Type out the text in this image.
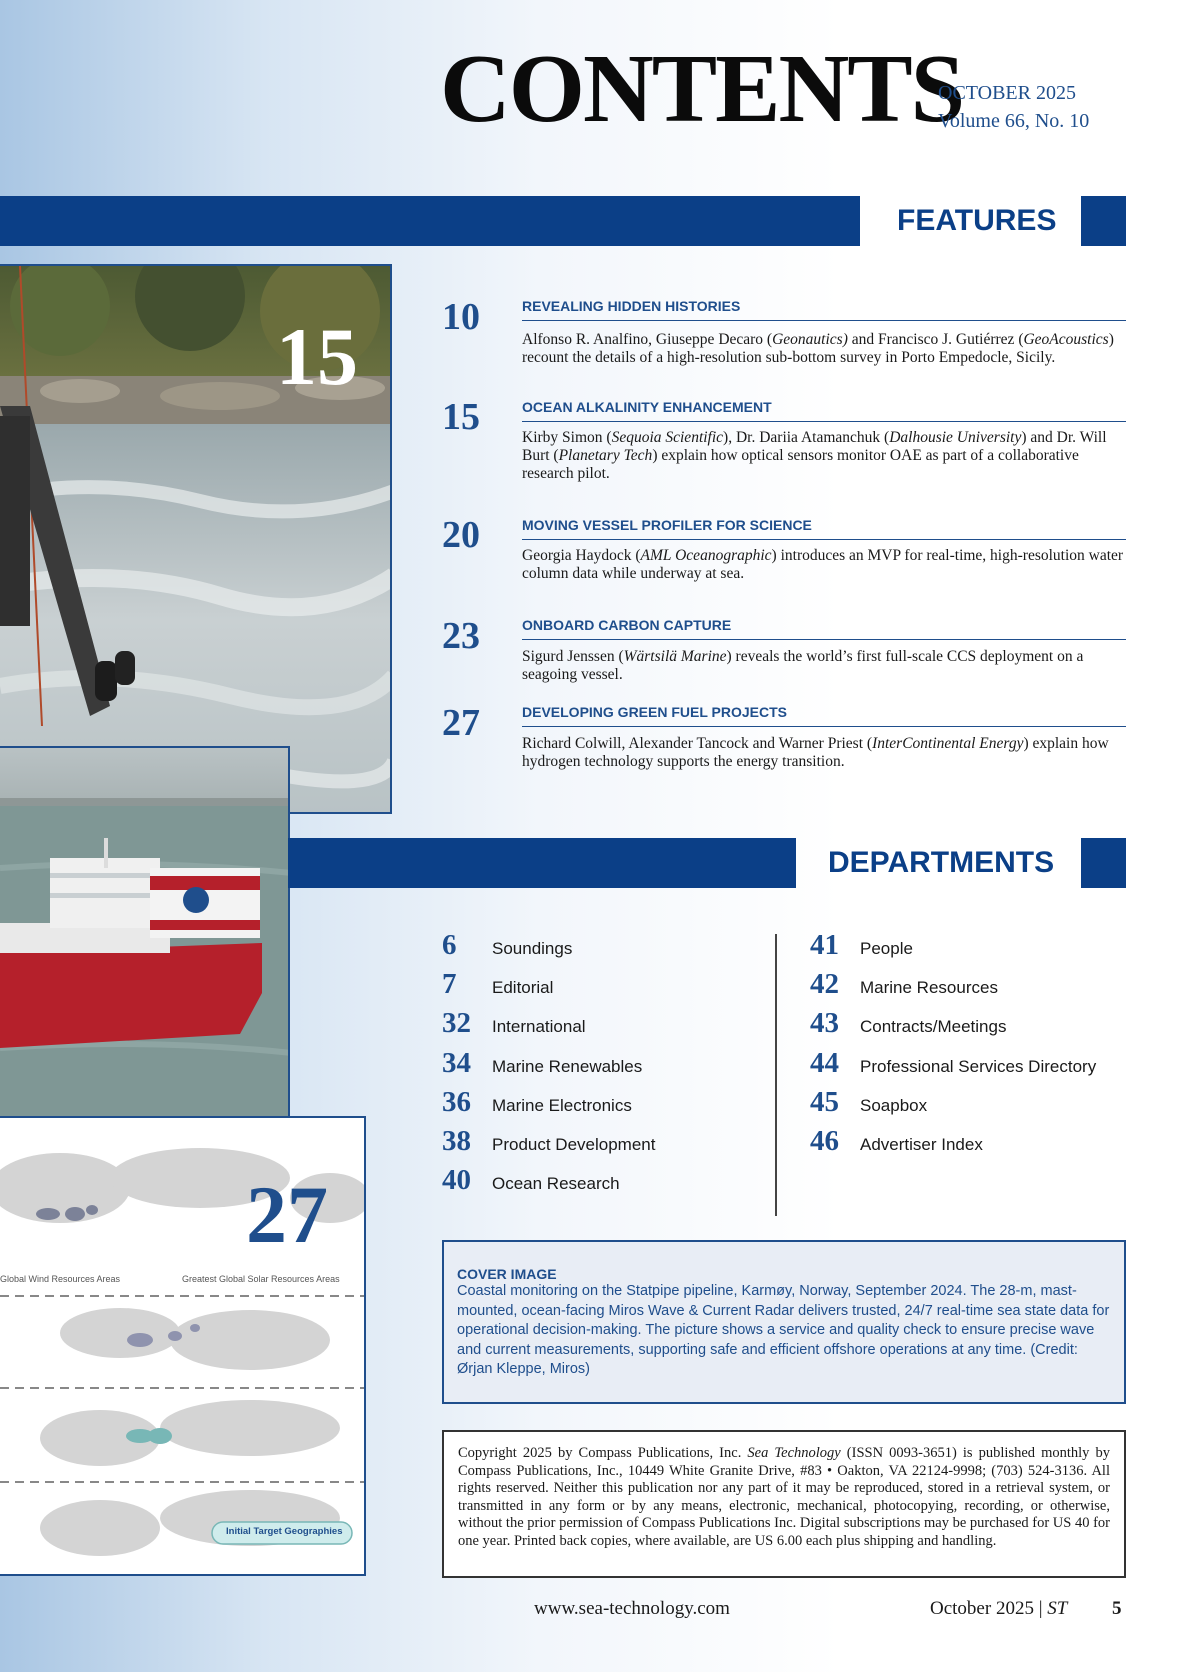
CONTENTS
OCTOBER 2025
Volume 66, No. 10
FEATURES
15
Global Wind Resources Areas	Greatest Global Solar Resources Areas
Initial Target Geographies
27
10	REVEALING HIDDEN HISTORIES
Alfonso R. Analfino, Giuseppe Decaro (Geonautics) and Francisco J. Gutiérrez (GeoAcoustics) recount the details of a high-resolution sub-bottom survey in Porto Empedocle, Sicily.
15	OCEAN ALKALINITY ENHANCEMENT
Kirby Simon (Sequoia Scientific), Dr. Dariia Atamanchuk (Dalhousie University) and Dr. Will Burt (Planetary Tech) explain how optical sensors monitor OAE as part of a collaborative research pilot.
20	MOVING VESSEL PROFILER FOR SCIENCE
Georgia Haydock (AML Oceanographic) introduces an MVP for real-time, high-resolution water column data while underway at sea.
23	ONBOARD CARBON CAPTURE
Sigurd Jenssen (Wärtsilä Marine) reveals the world’s first full-scale CCS deployment on a seagoing vessel.
27	DEVELOPING GREEN FUEL PROJECTS
Richard Colwill, Alexander Tancock and Warner Priest (InterContinental Energy) explain how hydrogen technology supports the energy transition.
DEPARTMENTS
6	Soundings
7	Editorial
32	International
34	Marine Renewables
36	Marine Electronics
38	Product Development
40	Ocean Research
41	People
42	Marine Resources
43	Contracts/Meetings
44	Professional Services Directory
45	Soapbox
46	Advertiser Index
COVER IMAGE
Coastal monitoring on the Statpipe pipeline, Karmøy, Norway, September 2024. The 28-m, mast-mounted, ocean-facing Miros Wave & Current Radar delivers trusted, 24/7 real-time sea state data for operational decision-making. The picture shows a service and quality check to ensure precise wave and current measurements, supporting safe and efficient offshore operations at any time. (Credit: Ørjan Kleppe, Miros)
Copyright 2025 by Compass Publications, Inc. Sea Technology (ISSN 0093-3651) is published monthly by Compass Publications, Inc., 10449 White Granite Drive, #83 • Oakton, VA 22124-9998; (703) 524-3136. All rights reserved. Neither this publication nor any part of it may be reproduced, stored in a retrieval system, or transmitted in any form or by any means, electronic, mechanical, photocopying, recording, or otherwise, without the prior permission of Compass Publications Inc. Digital subscriptions may be purchased for US 40 for one year. Printed back copies, where available, are US 6.00 each plus shipping and handling.
www.sea-technology.com	October 2025 | ST 5
